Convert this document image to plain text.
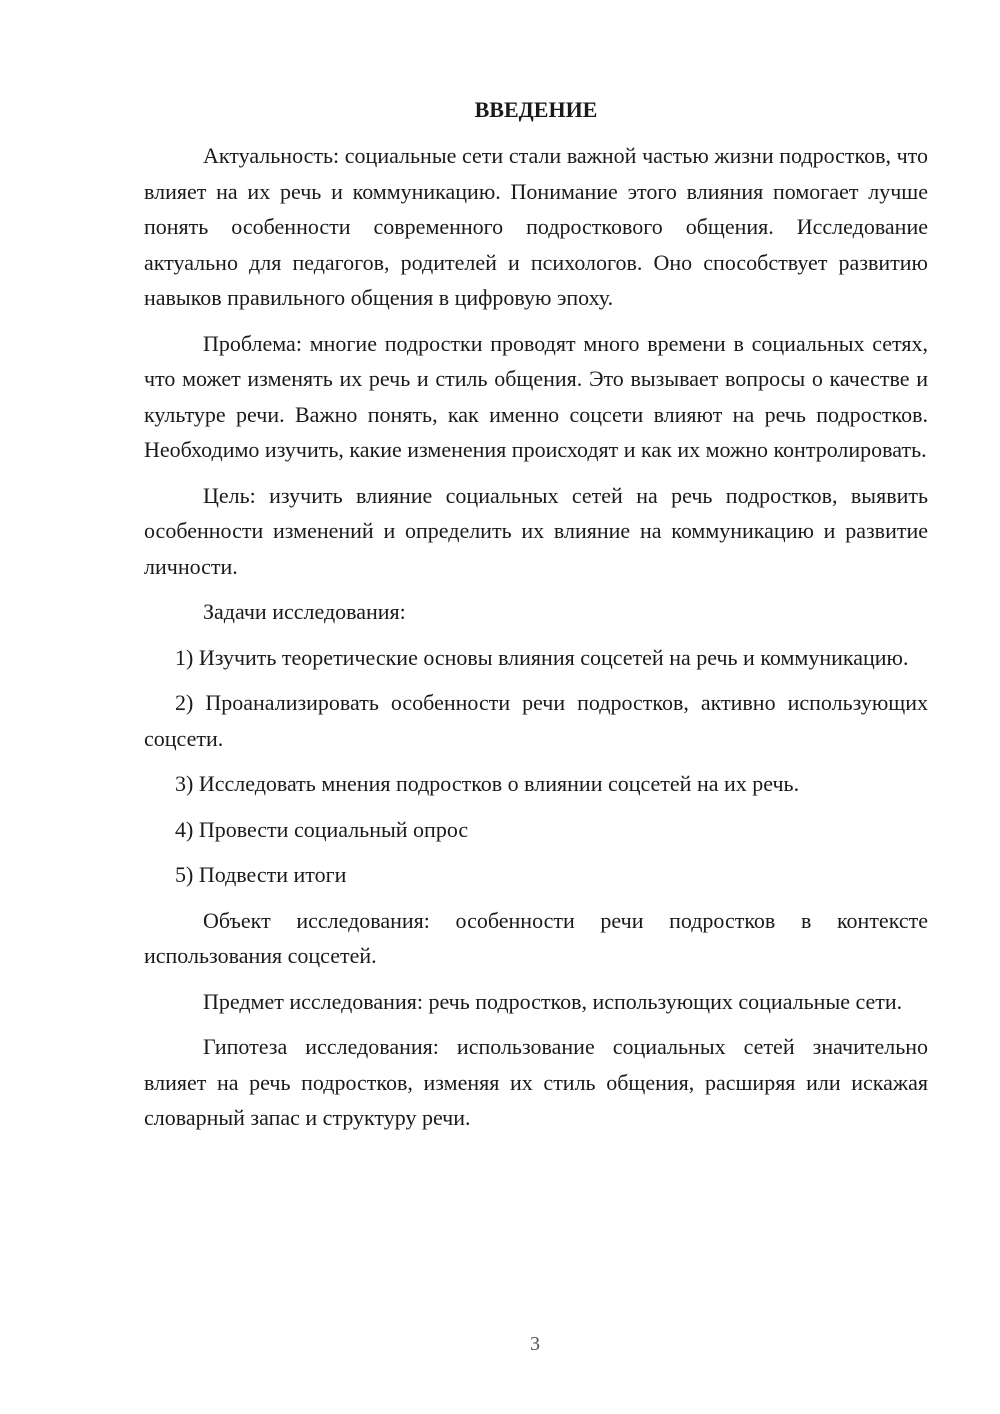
ВВЕДЕНИЕ

Актуальность: социальные сети стали важной частью жизни подростков, что влияет на их речь и коммуникацию. Понимание этого влияния помогает лучше понять особенности современного подросткового общения. Исследование актуально для педагогов, родителей и психологов. Оно способствует развитию навыков правильного общения в цифровую эпоху.

Проблема: многие подростки проводят много времени в социальных сетях, что может изменять их речь и стиль общения. Это вызывает вопросы о качестве и культуре речи. Важно понять, как именно соцсети влияют на речь подростков. Необходимо изучить, какие изменения происходят и как их можно контролировать.

Цель: изучить влияние социальных сетей на речь подростков, выявить особенности изменений и определить их влияние на коммуникацию и развитие личности.

Задачи исследования:

1) Изучить теоретические основы влияния соцсетей на речь и коммуникацию.

2) Проанализировать особенности речи подростков, активно использующих соцсети.

3) Исследовать мнения подростков о влиянии соцсетей на их речь.

4) Провести социальный опрос

5) Подвести итоги

Объект исследования: особенности речи подростков в контексте использования соцсетей.

Предмет исследования: речь подростков, использующих социальные сети.

Гипотеза исследования: использование социальных сетей значительно влияет на речь подростков, изменяя их стиль общения, расширяя или искажая словарный запас и структуру речи.

3
